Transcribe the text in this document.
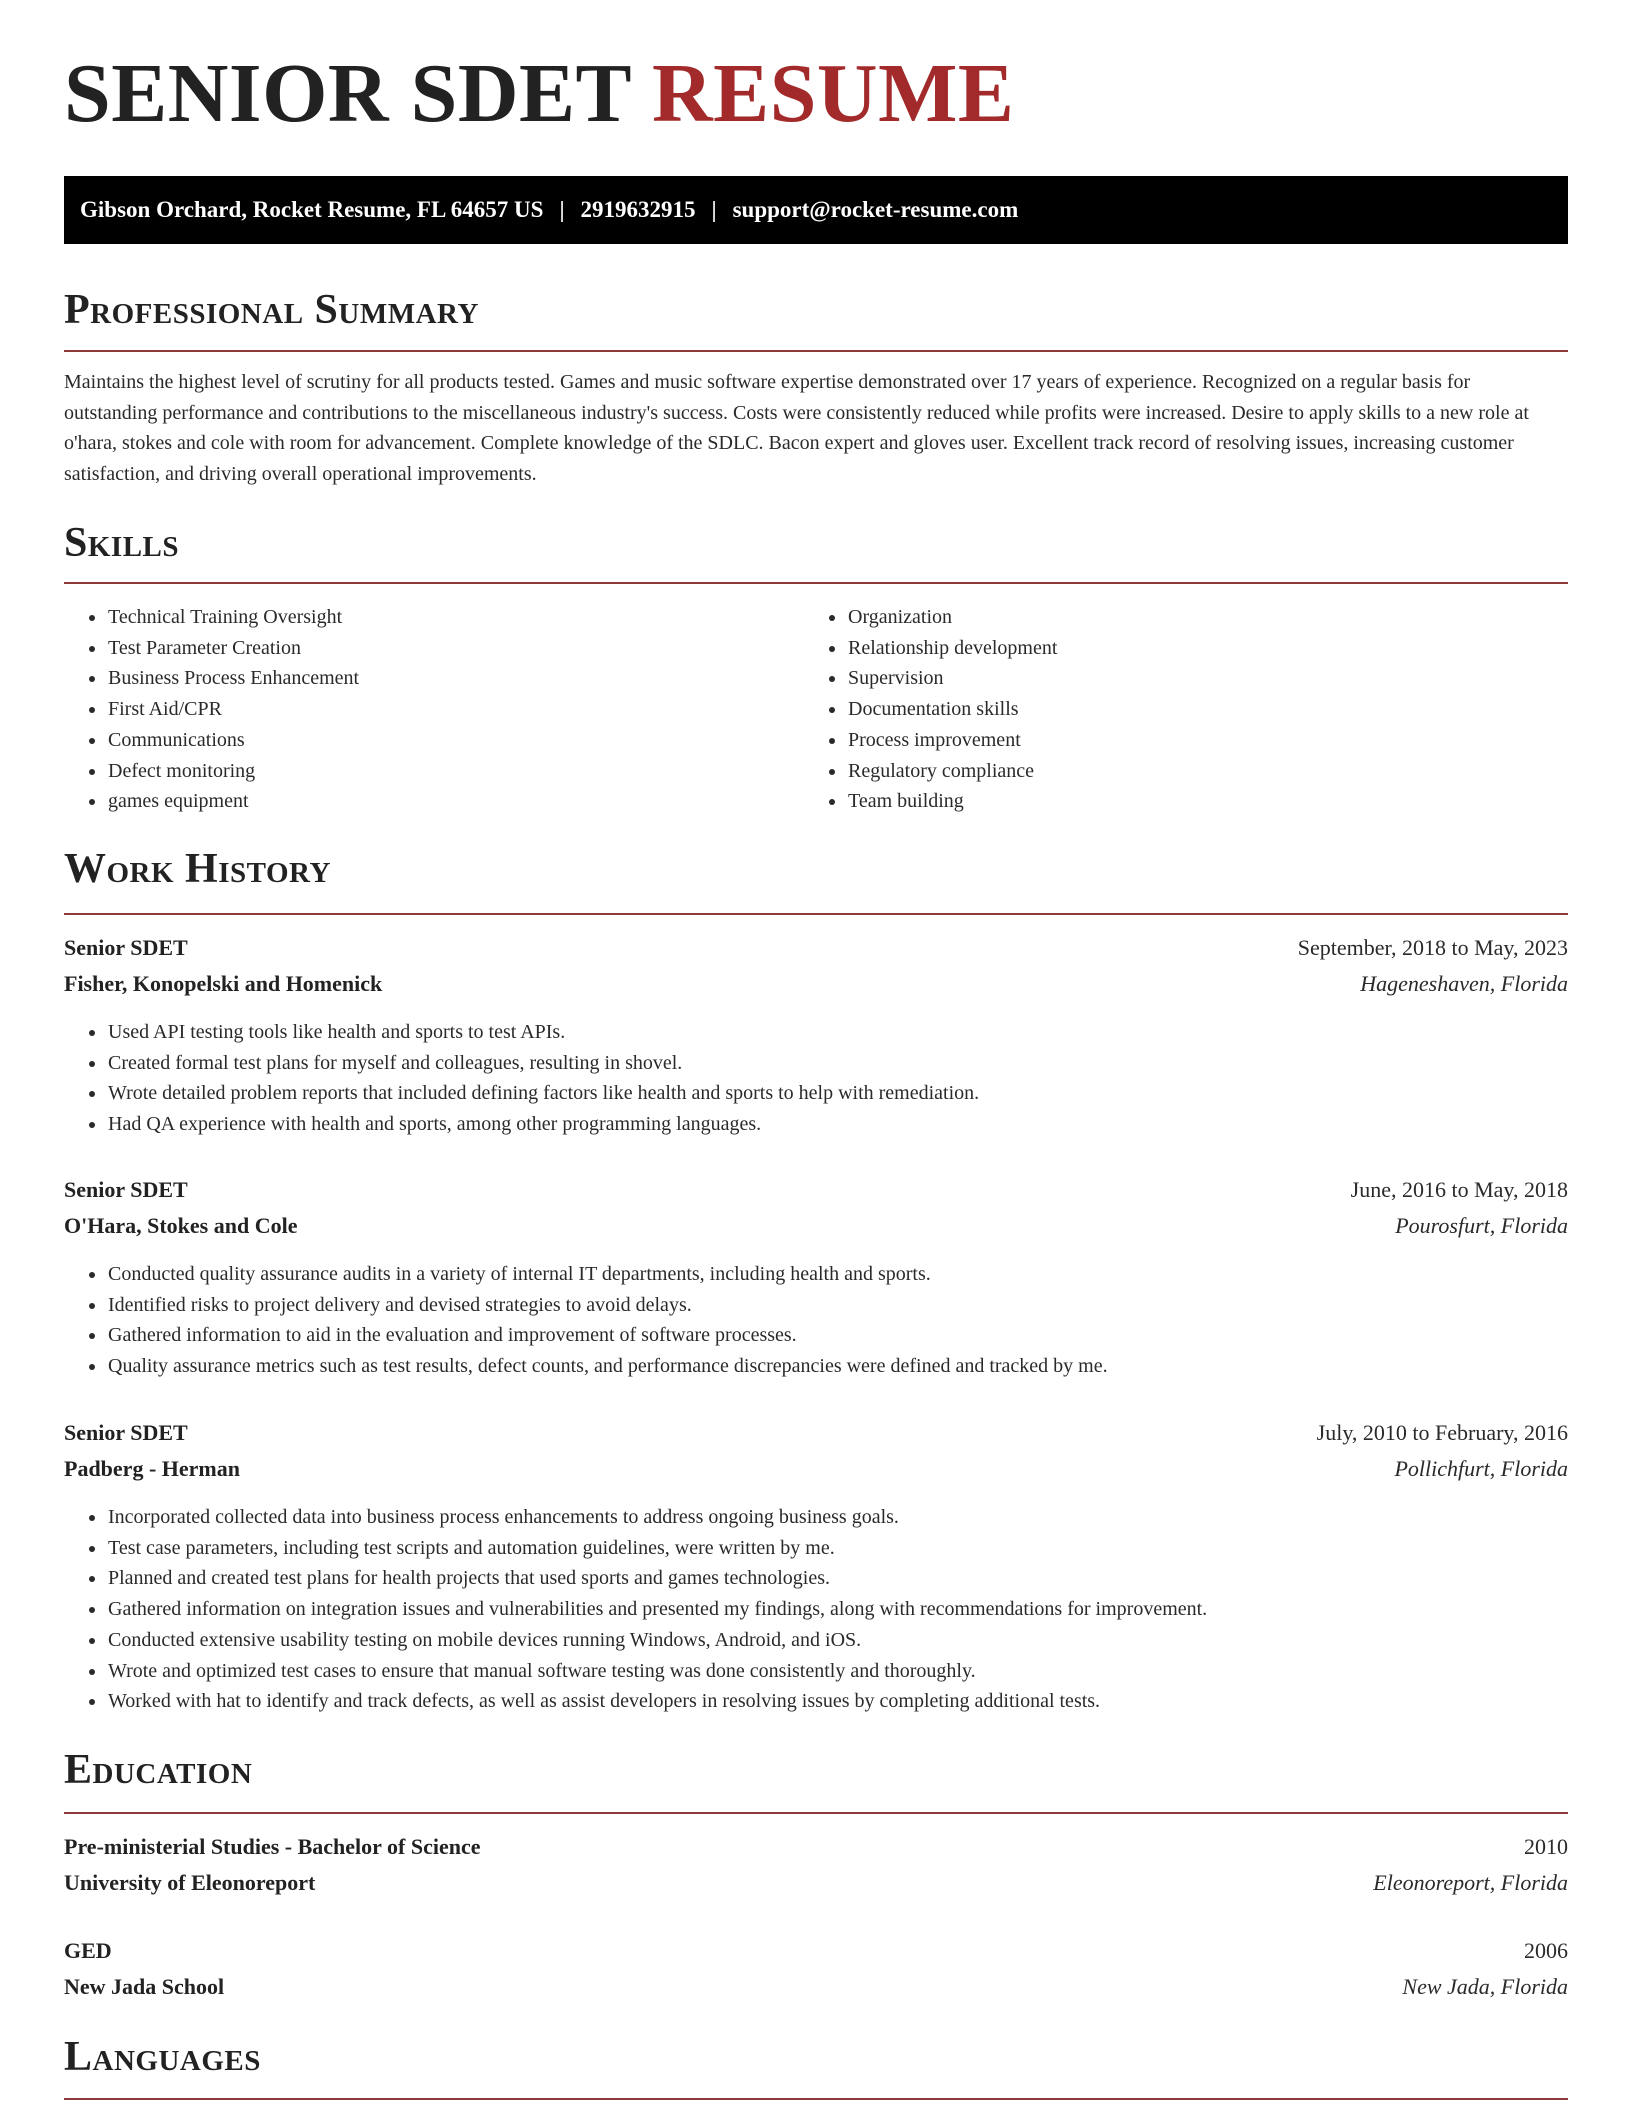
SENIOR SDET RESUME
Gibson Orchard, Rocket Resume, FL 64657 US | 2919632915 | support@rocket-resume.com
Professional Summary

Maintains the highest level of scrutiny for all products tested. Games and music software expertise demonstrated over 17 years of experience. Recognized on a regular basis for outstanding performance and contributions to the miscellaneous industry's success. Costs were consistently reduced while profits were increased. Desire to apply skills to a new role at o'hara, stokes and cole with room for advancement. Complete knowledge of the SDLC. Bacon expert and gloves user. Excellent track record of resolving issues, increasing customer satisfaction, and driving overall operational improvements.

Skills
• Technical Training Oversight
• Test Parameter Creation
• Business Process Enhancement
• First Aid/CPR
• Communications
• Defect monitoring
• games equipment
• Organization
• Relationship development
• Supervision
• Documentation skills
• Process improvement
• Regulatory compliance
• Team building
Work History
Senior SDET	September, 2018 to May, 2023
Fisher, Konopelski and Homenick	Hageneshaven, Florida
• Used API testing tools like health and sports to test APIs.
• Created formal test plans for myself and colleagues, resulting in shovel.
• Wrote detailed problem reports that included defining factors like health and sports to help with remediation.
• Had QA experience with health and sports, among other programming languages.
Senior SDET	June, 2016 to May, 2018
O'Hara, Stokes and Cole	Pourosfurt, Florida
• Conducted quality assurance audits in a variety of internal IT departments, including health and sports.
• Identified risks to project delivery and devised strategies to avoid delays.
• Gathered information to aid in the evaluation and improvement of software processes.
• Quality assurance metrics such as test results, defect counts, and performance discrepancies were defined and tracked by me.
Senior SDET	July, 2010 to February, 2016
Padberg - Herman	Pollichfurt, Florida
• Incorporated collected data into business process enhancements to address ongoing business goals.
• Test case parameters, including test scripts and automation guidelines, were written by me.
• Planned and created test plans for health projects that used sports and games technologies.
• Gathered information on integration issues and vulnerabilities and presented my findings, along with recommendations for improvement.
• Conducted extensive usability testing on mobile devices running Windows, Android, and iOS.
• Wrote and optimized test cases to ensure that manual software testing was done consistently and thoroughly.
• Worked with hat to identify and track defects, as well as assist developers in resolving issues by completing additional tests.
Education
Pre-ministerial Studies - Bachelor of Science	2010
University of Eleonoreport	Eleonoreport, Florida
GED	2006
New Jada School	New Jada, Florida
Languages
